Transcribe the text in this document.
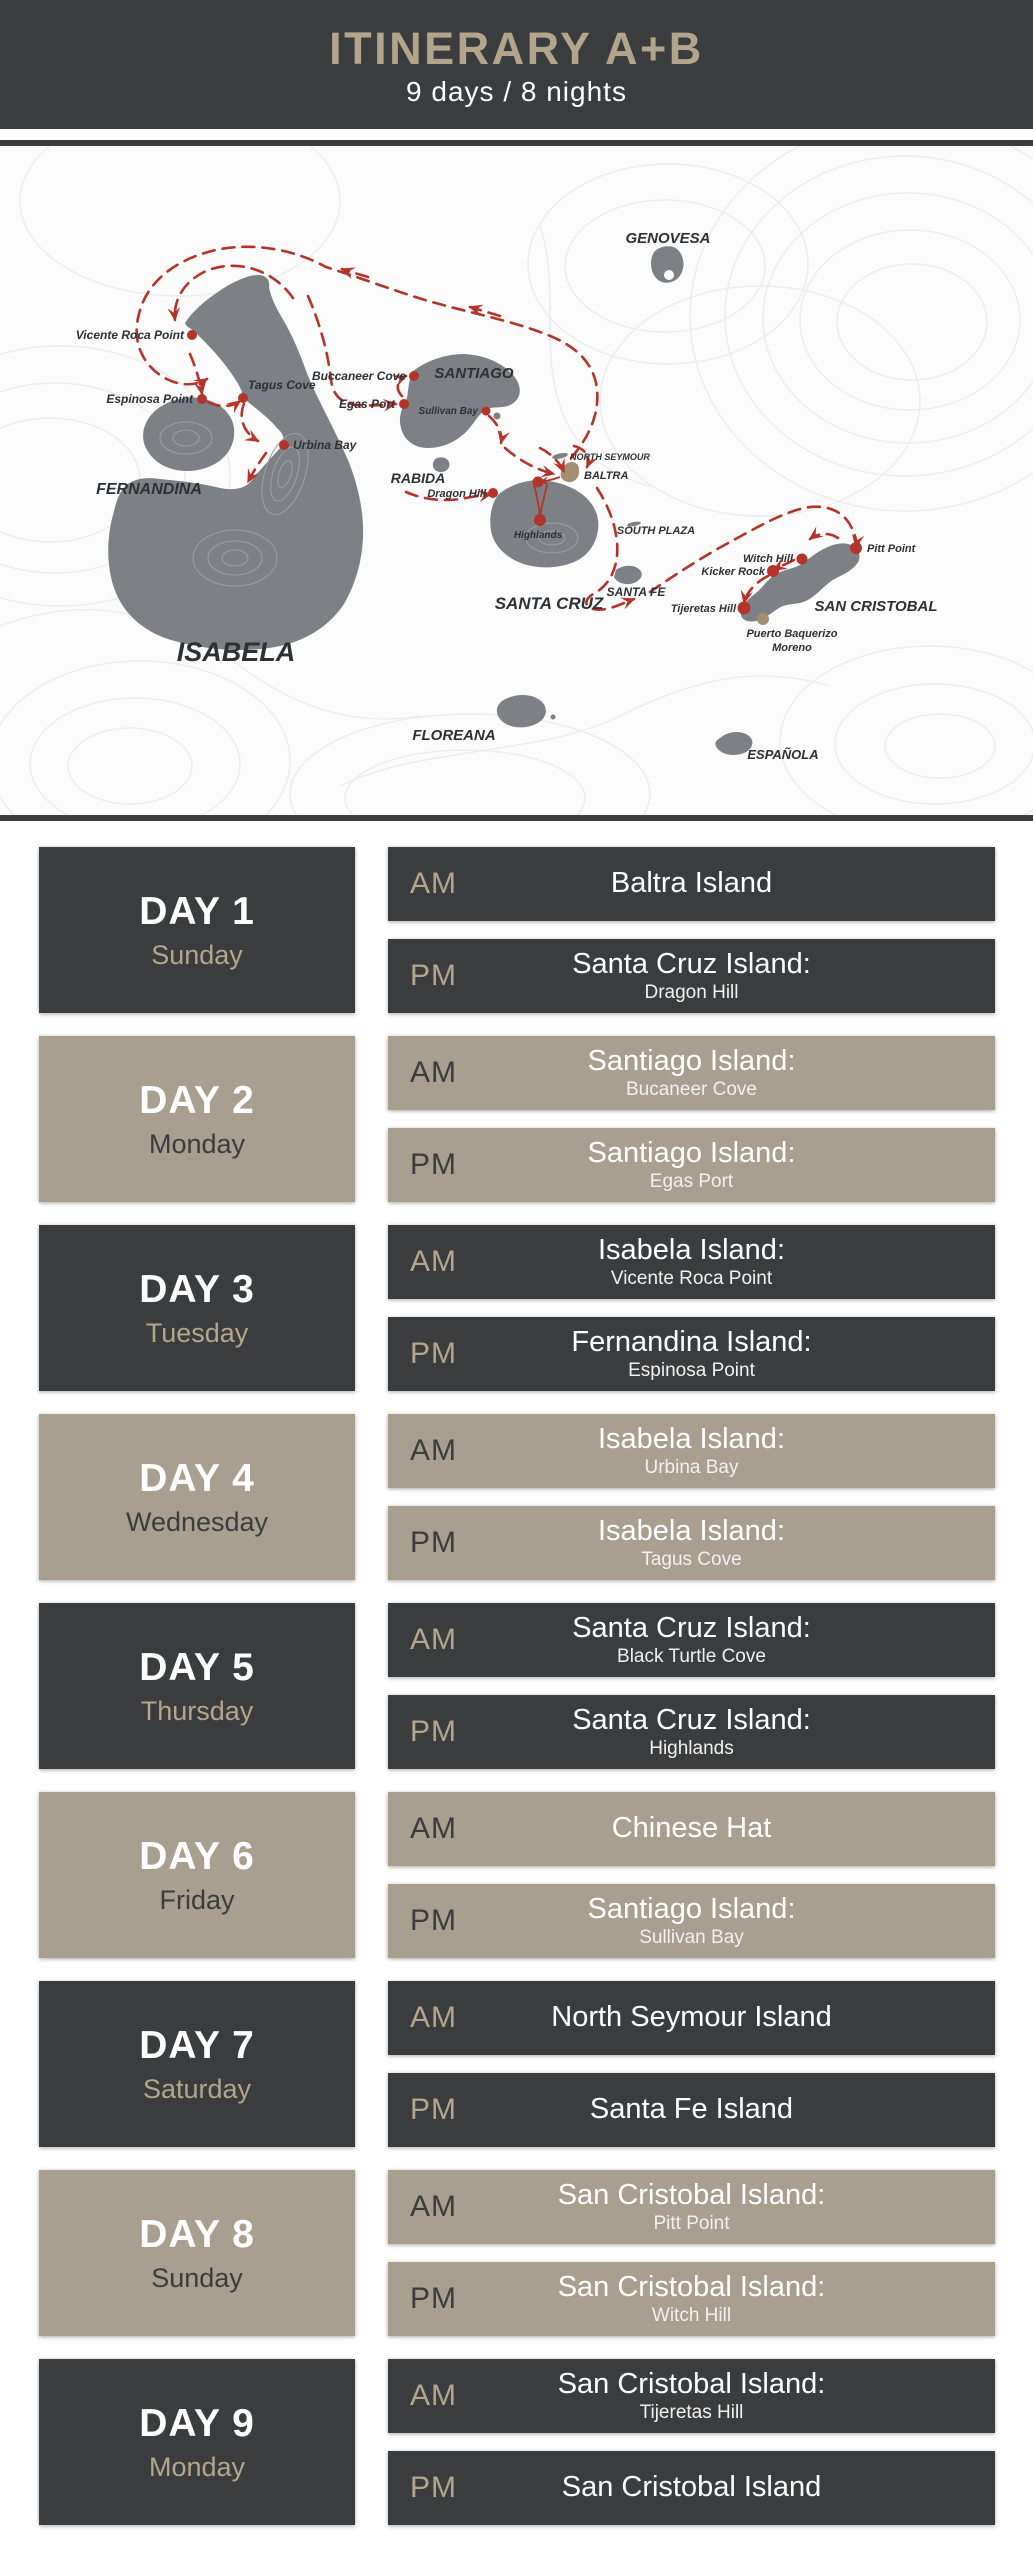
ITINERARY A+B
9 days / 8 nights
GENOVESA
SANTIAGO
RABIDA
FERNANDINA
ISABELA
SANTA CRUZ
SANTA FE
SOUTH PLAZA
NORTH SEYMOUR
BALTRA
SAN CRISTOBAL
FLOREANA
ESPAÑOLA
Vicente Roca Point
Espinosa Point
Tagus Cove
Urbina Bay
Buccaneer Cove
Egas Port
Sullivan Bay
Dragon Hill
Highlands
Witch Hill
Kicker Rock
Pitt Point
Tijeretas Hill
Puerto Baquerizo
Moreno
DAY 1
Sunday
AM	Baltra Island
PM	Santa Cruz Island:
Dragon Hill
DAY 2
Monday
AM	Santiago Island:
Bucaneer Cove
PM	Santiago Island:
Egas Port
DAY 3
Tuesday
AM	Isabela Island:
Vicente Roca Point
PM	Fernandina Island:
Espinosa Point
DAY 4
Wednesday
AM	Isabela Island:
Urbina Bay
PM	Isabela Island:
Tagus Cove
DAY 5
Thursday
AM	Santa Cruz Island:
Black Turtle Cove
PM	Santa Cruz Island:
Highlands
DAY 6
Friday
AM	Chinese Hat
PM	Santiago Island:
Sullivan Bay
DAY 7
Saturday
AM	North Seymour Island
PM	Santa Fe Island
DAY 8
Sunday
AM	San Cristobal Island:
Pitt Point
PM	San Cristobal Island:
Witch Hill
DAY 9
Monday
AM	San Cristobal Island:
Tijeretas Hill
PM	San Cristobal Island
